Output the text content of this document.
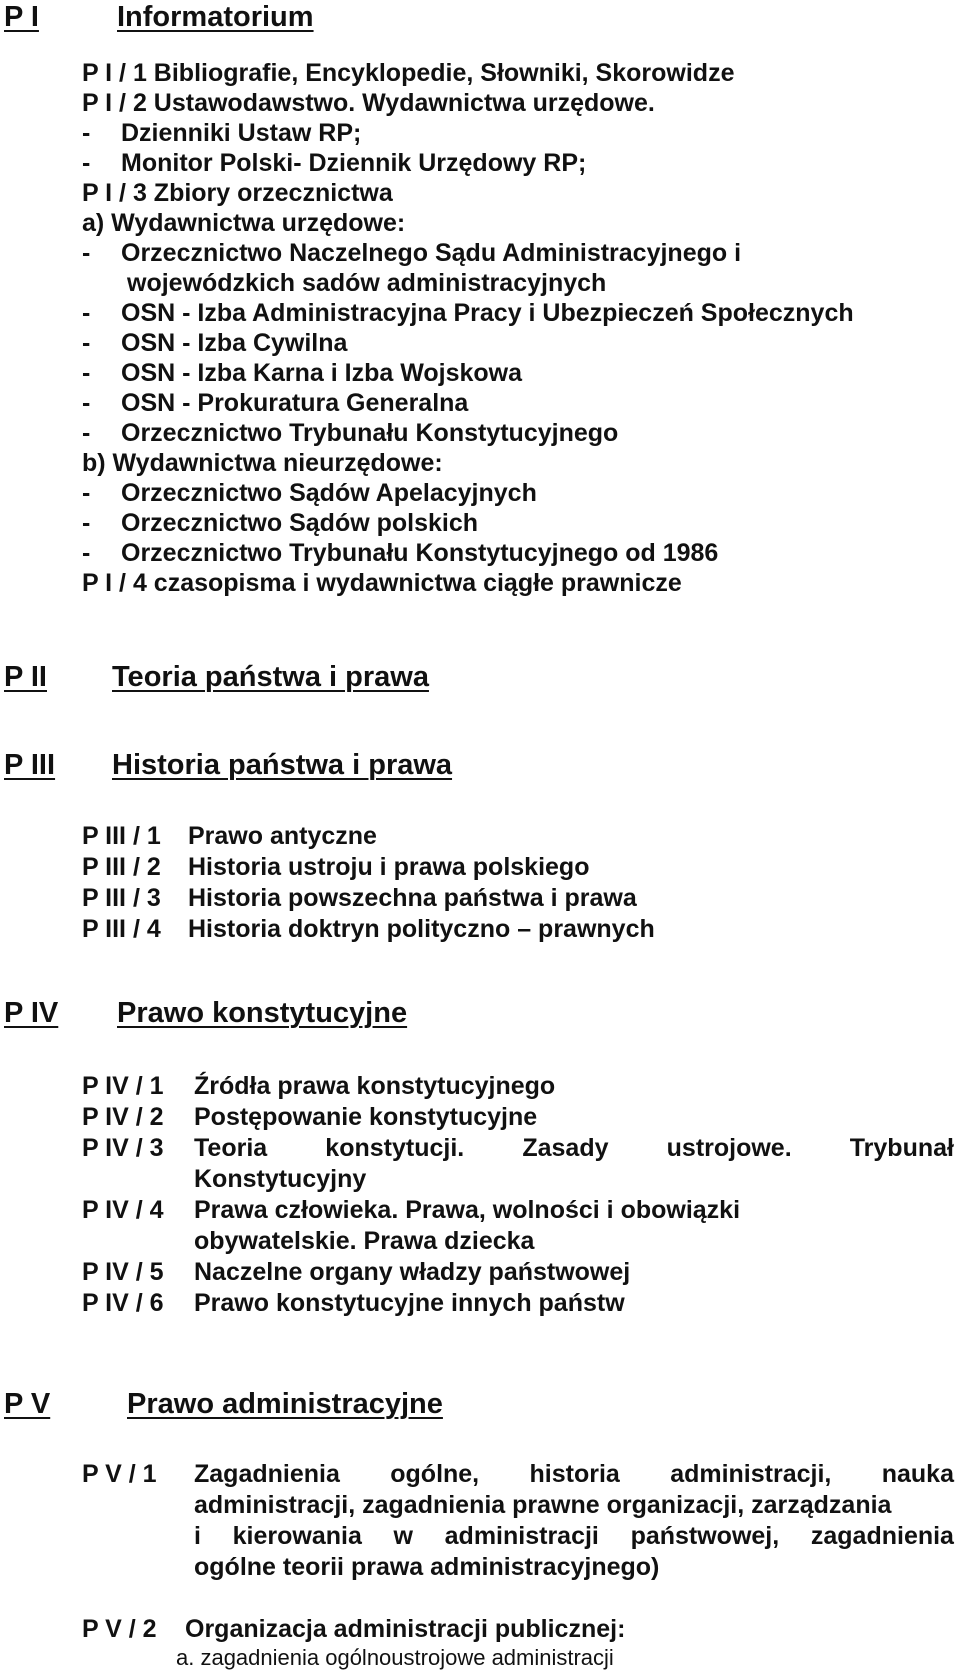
P I	Informatorium
P I / 1 Bibliografie, Encyklopedie, Słowniki, Skorowidze
P I / 2 Ustawodawstwo. Wydawnictwa urzędowe.
- Dzienniki Ustaw RP;
- Monitor Polski- Dziennik Urzędowy RP;
P I / 3 Zbiory orzecznictwa
a) Wydawnictwa urzędowe:
- Orzecznictwo Naczelnego Sądu Administracyjnego i
wojewódzkich sadów administracyjnych
- OSN - Izba Administracyjna Pracy i Ubezpieczeń Społecznych
- OSN - Izba Cywilna
- OSN - Izba Karna i Izba Wojskowa
- OSN - Prokuratura Generalna
- Orzecznictwo Trybunału Konstytucyjnego
b) Wydawnictwa nieurzędowe:
- Orzecznictwo Sądów Apelacyjnych
- Orzecznictwo Sądów polskich
- Orzecznictwo Trybunału Konstytucyjnego od 1986
P I / 4 czasopisma i wydawnictwa ciągłe prawnicze
P II	Teoria państwa i prawa
P III	Historia państwa i prawa
P III / 1 Prawo antyczne
P III / 2 Historia ustroju i prawa polskiego
P III / 3 Historia powszechna państwa i prawa
P III / 4 Historia doktryn polityczno – prawnych
P IV	Prawo konstytucyjne
P IV / 1 Źródła prawa konstytucyjnego
P IV / 2 Postępowanie konstytucyjne
P IV / 3	Teoria konstytucji. Zasady ustrojowe. Trybunał
Konstytucyjny
P IV / 4 Prawa człowieka. Prawa, wolności i obowiązki
obywatelskie. Prawa dziecka
P IV / 5 Naczelne organy władzy państwowej
P IV / 6 Prawo konstytucyjne innych państw
P V	Prawo administracyjne
P V / 1 Zagadnienia ogólne, historia administracji, nauka
administracji, zagadnienia prawne organizacji, zarządzania
i kierowania w administracji państwowej, zagadnienia
ogólne teorii prawa administracyjnego)
P V / 2 Organizacja administracji publicznej:
a. zagadnienia ogólnoustrojowe administracji
